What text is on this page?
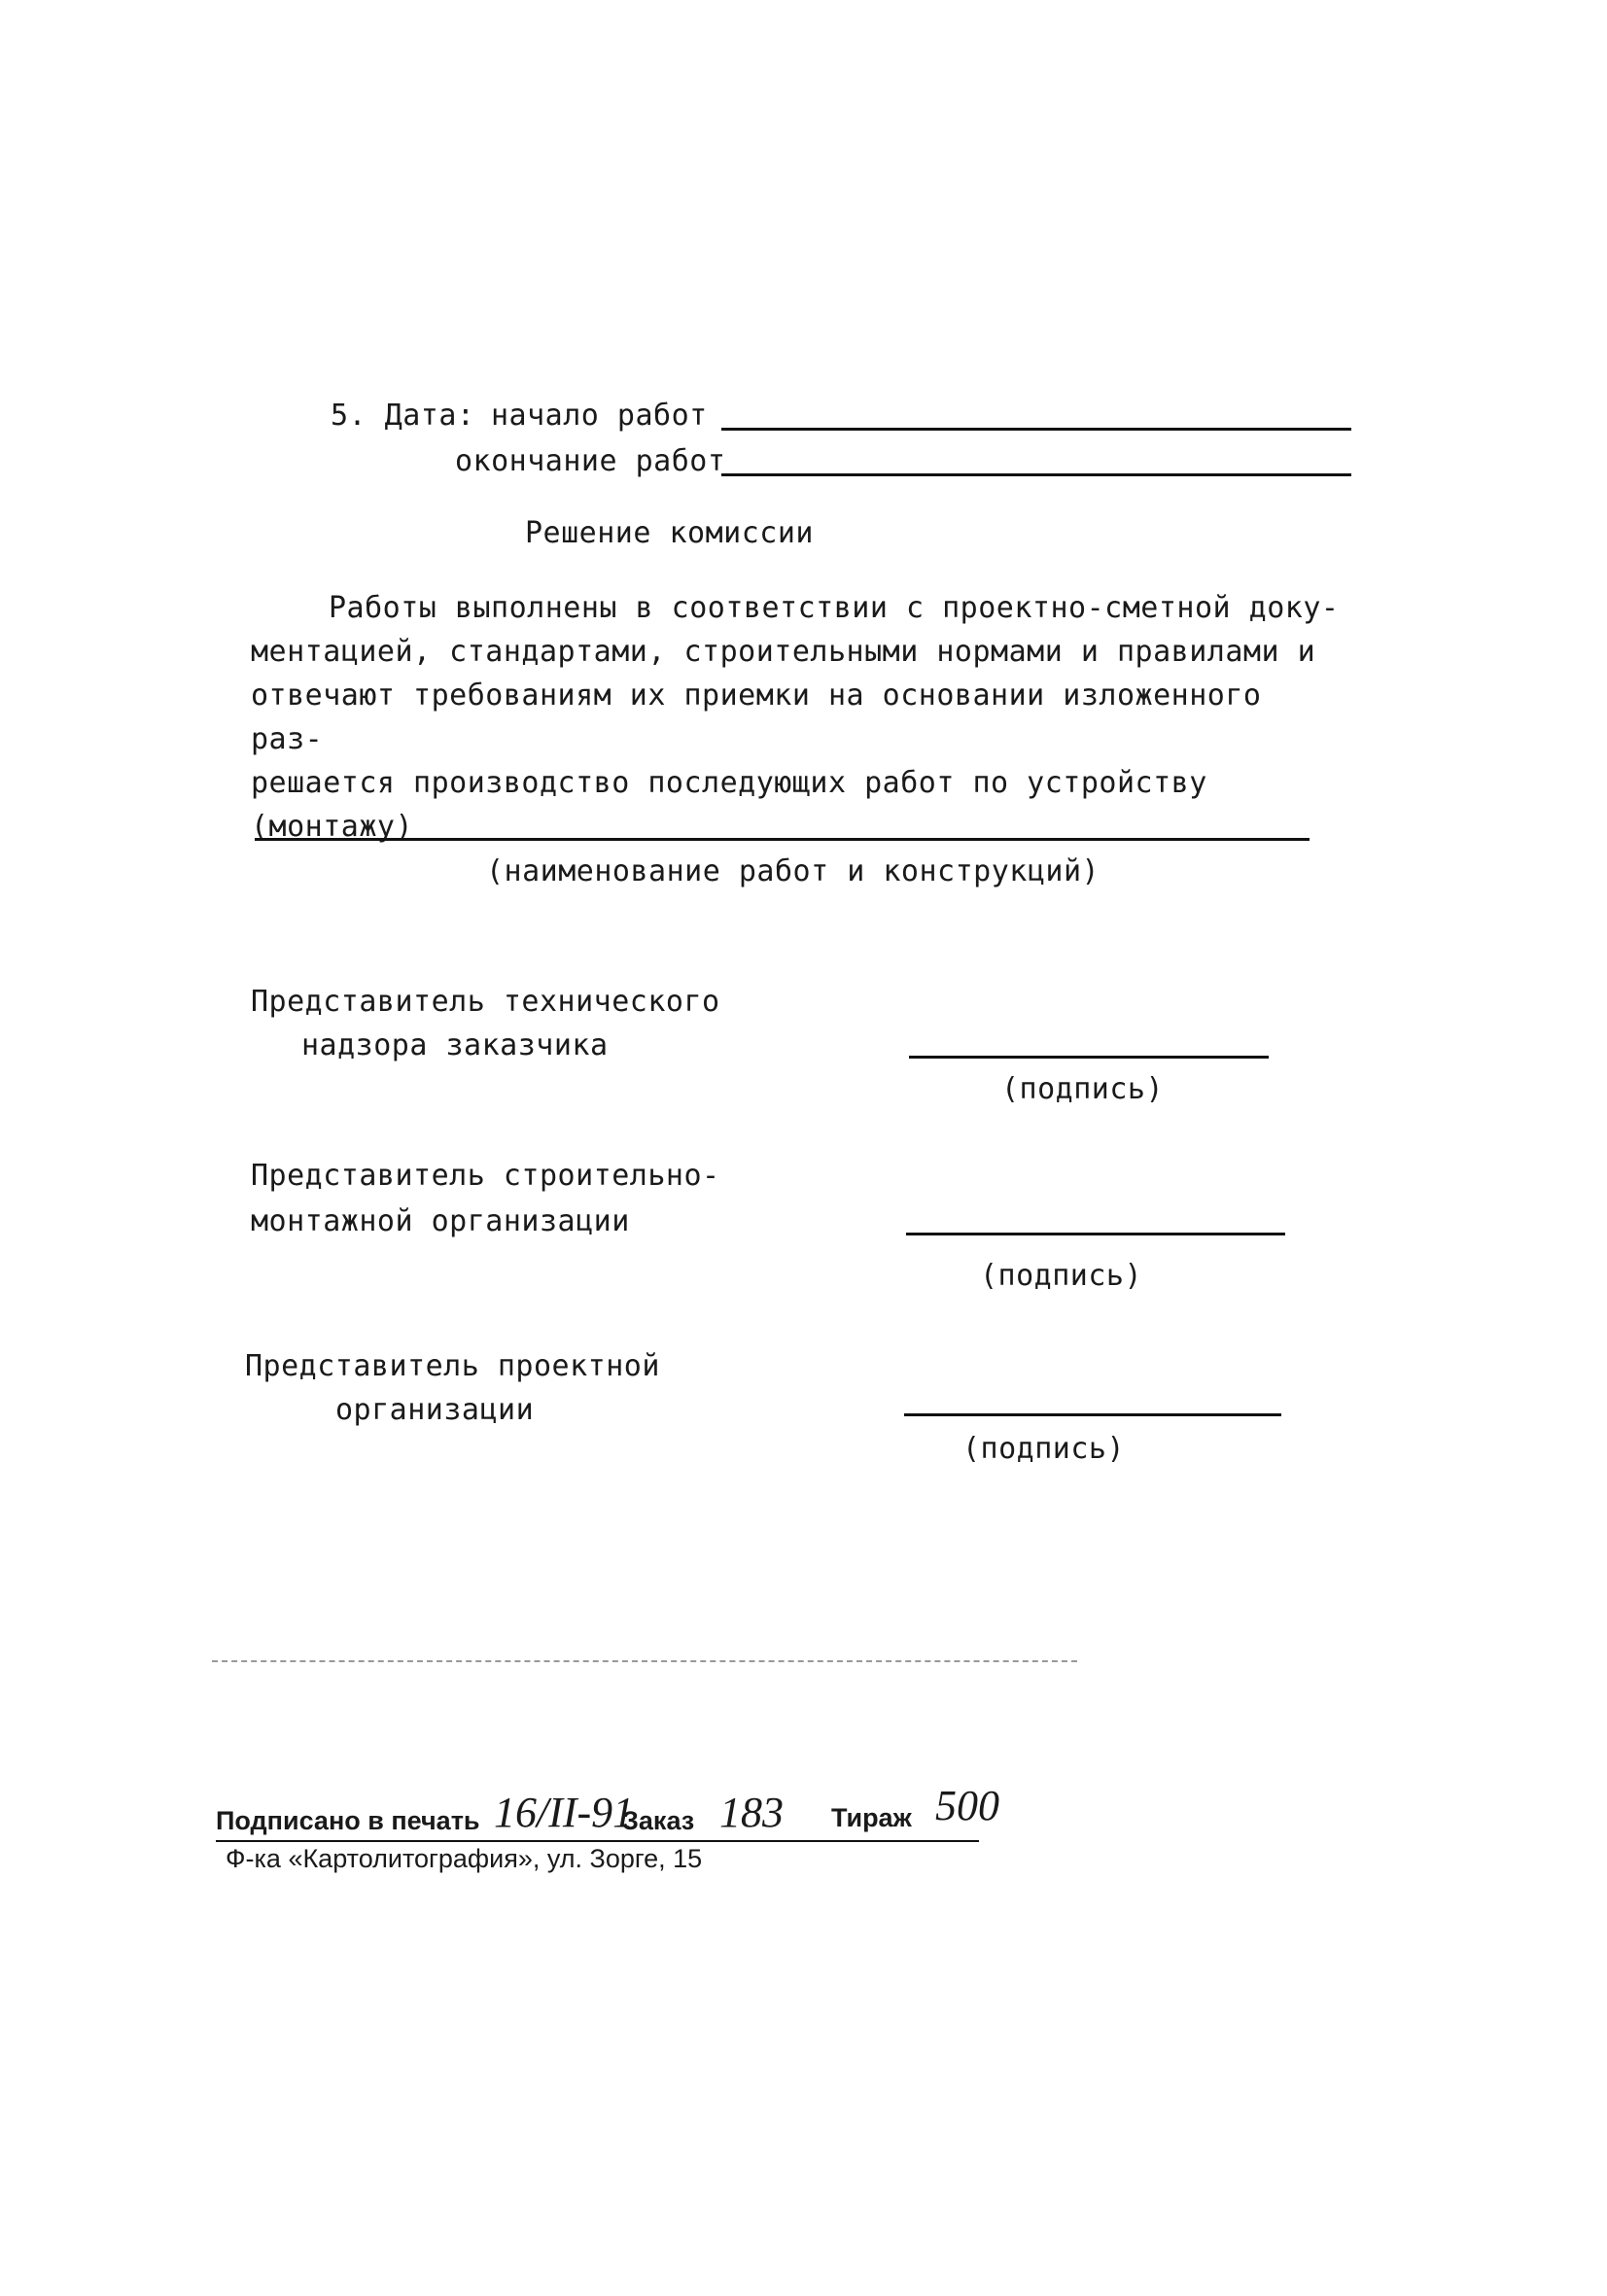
5. Дата: начало работ
окончание работ
Решение комиссии
Работы выполнены в соответствии с проектно-сметной доку-
ментацией, стандартами, строительными нормами и правилами и
отвечают требованиям их приемки на основании изложенного раз-
решается производство последующих работ по устройству
(монтажу)
(наименование работ и конструкций)
Представитель технического
надзора заказчика
(подпись)
Представитель строительно-
монтажной организации
(подпись)
Представитель проектной
организации
(подпись)
Подписано в печать 16/II-91
Заказ 183 Тираж 500
Ф-ка «Картолитография», ул. Зорге, 15
